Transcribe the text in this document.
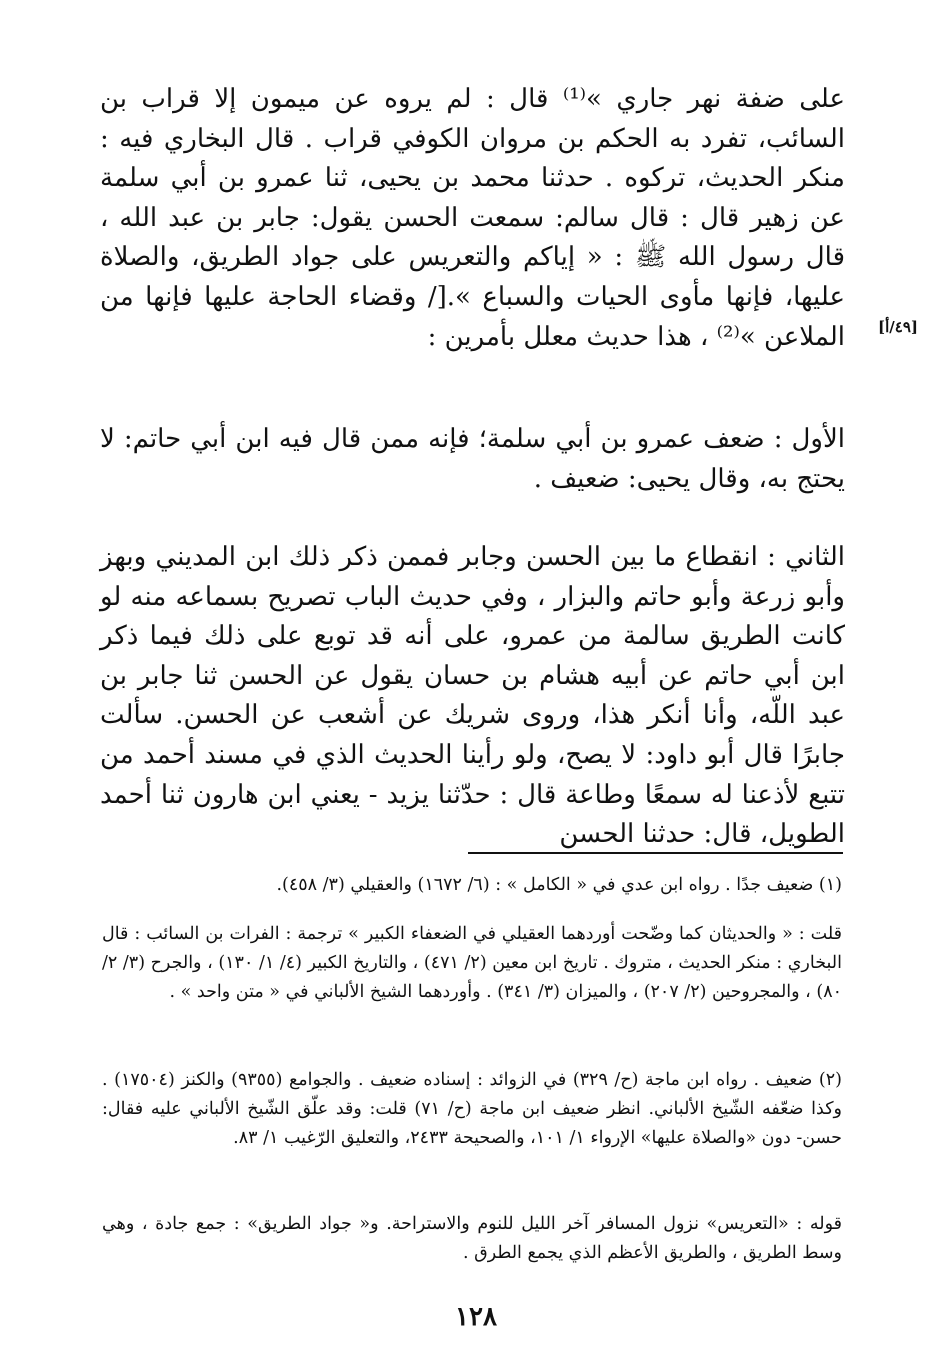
على ضفة نهر جاري »⁽¹⁾ قال : لم يروه عن ميمون إلا قراب بن السائب، تفرد به الحكم بن مروان الكوفي قراب . قال البخاري فيه : منكر الحديث، تركوه . حدثنا محمد بن يحيى، ثنا عمرو بن أبي سلمة عن زهير قال : قال سالم: سمعت الحسن يقول: جابر بن عبد الله ، قال رسول الله ﷺ : « إياكم والتعريس على جواد الطريق، والصلاة عليها، فإنها مأوى الحيات والسباع ».[/ وقضاء الحاجة عليها فإنها من الملاعن »⁽²⁾ ، هذا حديث معلل بأمرين : [٤٩/أ]

الأول : ضعف عمرو بن أبي سلمة؛ فإنه ممن قال فيه ابن أبي حاتم: لا يحتج به، وقال يحيى: ضعيف .

الثاني : انقطاع ما بين الحسن وجابر فممن ذكر ذلك ابن المديني وبهز وأبو زرعة وأبو حاتم والبزار ، وفي حديث الباب تصريح بسماعه منه لو كانت الطريق سالمة من عمرو، على أنه قد توبع على ذلك فيما ذكر ابن أبي حاتم عن أبيه هشام بن حسان يقول عن الحسن ثنا جابر بن عبد اللّه، وأنا أنكر هذا، وروى شريك عن أشعب عن الحسن. سألت جابرًا قال أبو داود: لا يصح، ولو رأينا الحديث الذي في مسند أحمد من تتبع لأذعنا له سمعًا وطاعة قال : حدّثنا يزيد - يعني ابن هارون ثنا أحمد الطويل، قال: حدثنا الحسن

(١) ضعيف جدًا . رواه ابن عدي في « الكامل » : (٦/ ١٦٧٢) والعقيلي (٣/ ٤٥٨).

قلت : « والحديثان كما وضّحت أوردهما العقيلي في الضعفاء الكبير » ترجمة : الفرات بن السائب : قال البخاري : منكر الحديث ، متروك . تاريخ ابن معين (٢/ ٤٧١) ، والتاريخ الكبير (٤/ ١/ ١٣٠) ، والجرح (٣/ ٢/ ٨٠) ، والمجروحين (٢/ ٢٠٧) ، والميزان (٣/ ٣٤١) . وأوردهما الشيخ الألباني في « متن واحد » .

(٢) ضعيف . رواه ابن ماجة (ح/ ٣٢٩) في الزوائد : إسناده ضعيف . والجوامع (٩٣٥٥) والكنز (١٧٥٠٤) . وكذا ضعّفه الشّيخ الألباني. انظر ضعيف ابن ماجة (ح/ ٧١) قلت: وقد علّق الشّيخ الألباني عليه فقال: حسن- دون «والصلاة عليها» الإرواء ١/ ١٠١، والصحيحة ٢٤٣٣، والتعليق الرّغيب ١/ ٨٣.

قوله : «التعريس» نزول المسافر آخر الليل للنوم والاستراحة. و« جواد الطريق» : جمع جادة ، وهي وسط الطريق ، والطريق الأعظم الذي يجمع الطرق .

١٢٨
